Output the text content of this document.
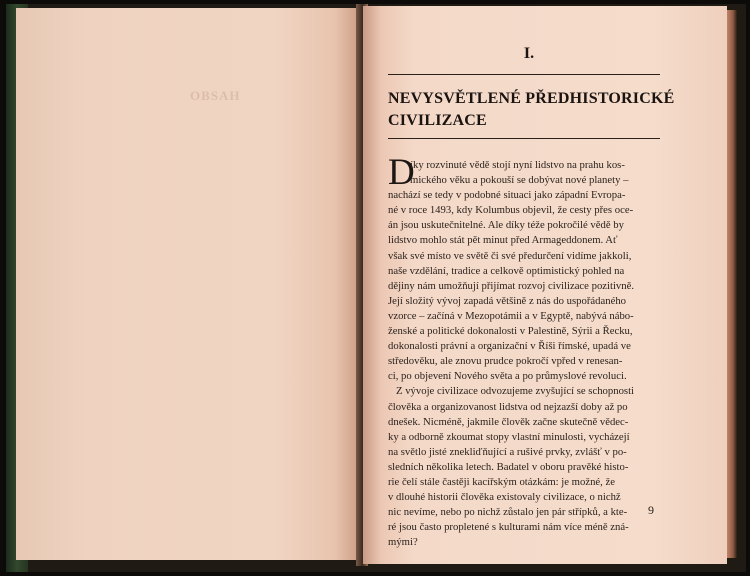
OBSAH
I.
NEVYSVĚTLENÉ PŘEDHISTORICKÉ
CIVILIZACE
D

íky rozvinuté vědě stojí nyní lidstvo na prahu kos-
mického věku a pokouší se dobývat nové planety –
nachází se tedy v podobné situaci jako západní Evropa-
né v roce 1493, kdy Kolumbus objevil, že cesty přes oce-
án jsou uskutečnitelné. Ale díky téže pokročilé vědě by
lidstvo mohlo stát pět minut před Armageddonem. Ať
však své místo ve světě či své předurčení vidíme jakkoli,
naše vzdělání, tradice a celkově optimistický pohled na
dějiny nám umožňují přijímat rozvoj civilizace pozitivně.
Její složitý vývoj zapadá většině z nás do uspořádaného
vzorce – začíná v Mezopotámii a v Egyptě, nabývá nábo-
ženské a politické dokonalosti v Palestině, Sýrii a Řecku,
dokonalosti právní a organizační v Říši římské, upadá ve
středověku, ale znovu prudce pokročí vpřed v renesan-
ci, po objevení Nového světa a po průmyslové revoluci.

Z vývoje civilizace odvozujeme zvyšující se schopnosti
člověka a organizovanost lidstva od nejzazší doby až po
dnešek. Nicméně, jakmile člověk začne skutečně vědec-
ky a odborně zkoumat stopy vlastní minulosti, vycházejí
na světlo jisté znekliďňující a rušivé prvky, zvlášť v po-
sledních několika letech. Badatel v oboru pravěké histo-
rie čelí stále častěji kacířským otázkám: je možné, že
v dlouhé historii člověka existovaly civilizace, o nichž
nic nevíme, nebo po nichž zůstalo jen pár střípků, a kte-
ré jsou často propletené s kulturami nám více méně zná-
mými?

9
